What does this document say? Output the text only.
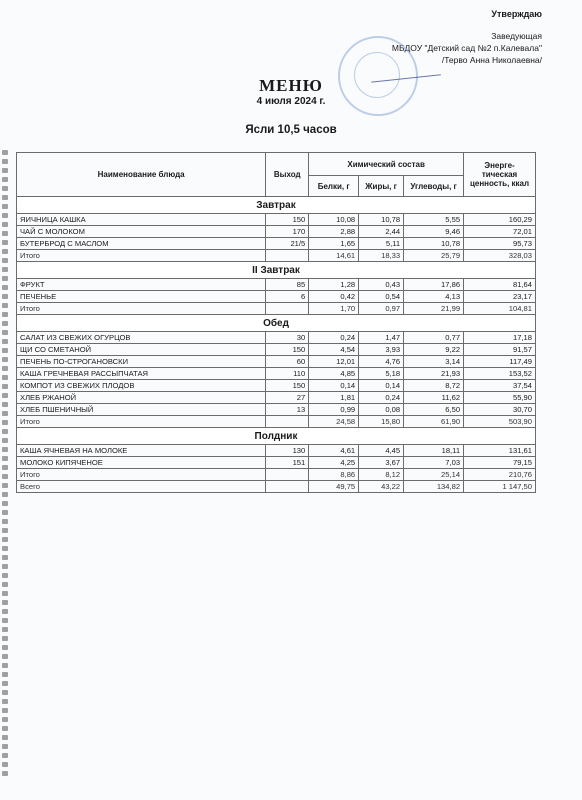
Утверждаю
Заведующая
МБДОУ "Детский сад №2 п.Калевала"
/Терво Анна Николаевна/
МЕНЮ
4 июля 2024 г.
Ясли 10,5 часов
Наименование блюда	Выход	Химический состав			Энерге-тическая ценность, ккал
		Белки, г	Жиры, г	Углеводы, г	
Завтрак					
ЯИЧНИЦА КАШКА	150	10,08	10,78	5,55	160,29
ЧАЙ С МОЛОКОМ	170	2,88	2,44	9,46	72,01
БУТЕРБРОД С МАСЛОМ	21/5	1,65	5,11	10,78	95,73
Итого		14,61	18,33	25,79	328,03
II Завтрак					
ФРУКТ	85	1,28	0,43	17,86	81,64
ПЕЧЕНЬЕ	6	0,42	0,54	4,13	23,17
Итого		1,70	0,97	21,99	104,81
Обед					
САЛАТ ИЗ СВЕЖИХ ОГУРЦОВ	30	0,24	1,47	0,77	17,18
ЩИ СО СМЕТАНОЙ	150	4,54	3,93	9,22	91,57
ПЕЧЕНЬ ПО-СТРОГАНОВСКИ	60	12,01	4,76	3,14	117,49
КАША ГРЕЧНЕВАЯ РАССЫПЧАТАЯ	110	4,85	5,18	21,93	153,52
КОМПОТ ИЗ СВЕЖИХ ПЛОДОВ	150	0,14	0,14	8,72	37,54
ХЛЕБ РЖАНОЙ	27	1,81	0,24	11,62	55,90
ХЛЕБ ПШЕНИЧНЫЙ	13	0,99	0,08	6,50	30,70
Итого		24,58	15,80	61,90	503,90
Полдник					
КАША ЯЧНЕВАЯ НА МОЛОКЕ	130	4,61	4,45	18,11	131,61
МОЛОКО КИПЯЧЕНОЕ	151	4,25	3,67	7,03	79,15
Итого		8,86	8,12	25,14	210,76
Всего		49,75	43,22	134,82	1 147,50
